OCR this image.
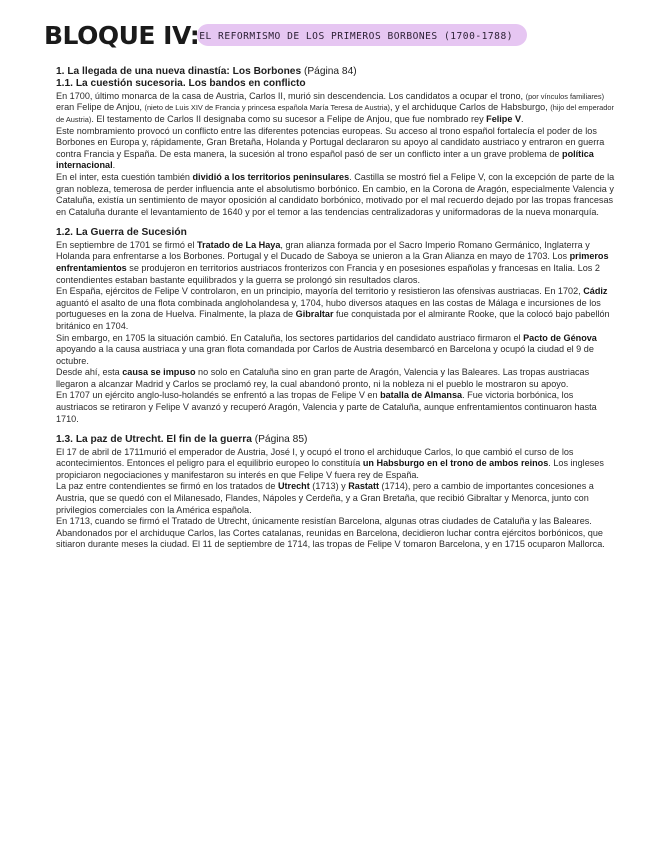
BLOQUE IV: EL REFORMISMO DE LOS PRIMEROS BORBONES (1700-1788)
1. La llegada de una nueva dinastía: Los Borbones (Página 84)
1.1. La cuestión sucesoria. Los bandos en conflicto

En 1700, último monarca de la casa de Austria, Carlos II, murió sin descendencia. Los candidatos a ocupar el trono, (por vínculos familiares) eran Felipe de Anjou, (nieto de Luis XIV de Francia y princesa española María Teresa de Austria), y el archiduque Carlos de Habsburgo, (hijo del emperador de Austria). El testamento de Carlos II designaba como su sucesor a Felipe de Anjou, que fue nombrado rey Felipe V.

Este nombramiento provocó un conflicto entre las diferentes potencias europeas. Su acceso al trono español fortalecía el poder de los Borbones en Europa y, rápidamente, Gran Bretaña, Holanda y Portugal declararon su apoyo al candidato austriaco y entraron en guerra contra Francia y España. De esta manera, la sucesión al trono español pasó de ser un conflicto inter a un grave problema de política internacional.

En el inter, esta cuestión también dividió a los territorios peninsulares. Castilla se mostró fiel a Felipe V, con la excepción de parte de la gran nobleza, temerosa de perder influencia ante el absolutismo borbónico. En cambio, en la Corona de Aragón, especialmente Valencia y Cataluña, existía un sentimiento de mayor oposición al candidato borbónico, motivado por el mal recuerdo dejado por las tropas francesas en Cataluña durante el levantamiento de 1640 y por el temor a las tendencias centralizadoras y uniformadoras de la nueva monarquía.

1.2. La Guerra de Sucesión

En septiembre de 1701 se firmó el Tratado de La Haya, gran alianza formada por el Sacro Imperio Romano Germánico, Inglaterra y Holanda para enfrentarse a los Borbones. Portugal y el Ducado de Saboya se unieron a la Gran Alianza en mayo de 1703. Los primeros enfrentamientos se produjeron en territorios austriacos fronterizos con Francia y en posesiones españolas y francesas en Italia. Los 2 contendientes estaban bastante equilibrados y la guerra se prolongó sin resultados claros.

En España, ejércitos de Felipe V controlaron, en un principio, mayoría del territorio y resistieron las ofensivas austriacas. En 1702, Cádiz aguantó el asalto de una flota combinada angloholandesa y, 1704, hubo diversos ataques en las costas de Málaga e incursiones de los portugueses en la zona de Huelva. Finalmente, la plaza de Gibraltar fue conquistada por el almirante Rooke, que la colocó bajo pabellón británico en 1704.

Sin embargo, en 1705 la situación cambió. En Cataluña, los sectores partidarios del candidato austriaco firmaron el Pacto de Génova apoyando a la causa austriaca y una gran flota comandada por Carlos de Austria desembarcó en Barcelona y ocupó la ciudad el 9 de octubre.

Desde ahí, esta causa se impuso no solo en Cataluña sino en gran parte de Aragón, Valencia y las Baleares. Las tropas austriacas llegaron a alcanzar Madrid y Carlos se proclamó rey, la cual abandonó pronto, ni la nobleza ni el pueblo le mostraron su apoyo.

En 1707 un ejército anglo-luso-holandés se enfrentó a las tropas de Felipe V en batalla de Almansa. Fue victoria borbónica, los austriacos se retiraron y Felipe V avanzó y recuperó Aragón, Valencia y parte de Cataluña, aunque enfrentamientos continuaron hasta 1710.

1.3. La paz de Utrecht. El fin de la guerra (Página 85)

El 17 de abril de 1711murió el emperador de Austria, José I, y ocupó el trono el archiduque Carlos, lo que cambió el curso de los acontecimientos. Entonces el peligro para el equilibrio europeo lo constituía un Habsburgo en el trono de ambos reinos. Los ingleses propiciaron negociaciones y manifestaron su interés en que Felipe V fuera rey de España.

La paz entre contendientes se firmó en los tratados de Utrecht (1713) y Rastatt (1714), pero a cambio de importantes concesiones a Austria, que se quedó con el Milanesado, Flandes, Nápoles y Cerdeña, y a Gran Bretaña, que recibió Gibraltar y Menorca, junto con privilegios comerciales con la América española.

En 1713, cuando se firmó el Tratado de Utrecht, únicamente resistían Barcelona, algunas otras ciudades de Cataluña y las Baleares. Abandonados por el archiduque Carlos, las Cortes catalanas, reunidas en Barcelona, decidieron luchar contra ejércitos borbónicos, que sitiaron durante meses la ciudad. El 11 de septiembre de 1714, las tropas de Felipe V tomaron Barcelona, y en 1715 ocuparon Mallorca.
